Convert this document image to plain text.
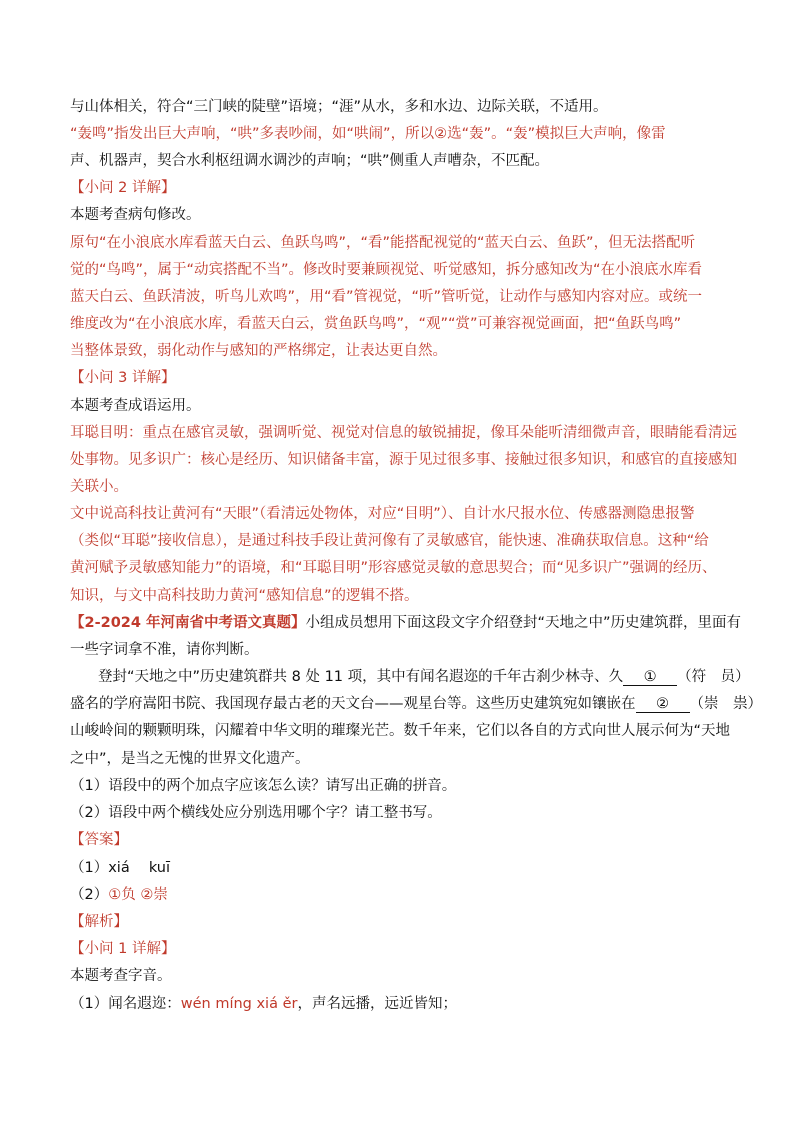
与山体相关，符合“三门峡的陡壁”语境；“涯”从水，多和水边、边际关联，不适用。
“轰鸣”指发出巨大声响，“哄”多表吵闹，如“哄闹”，所以②选“轰”。“轰”模拟巨大声响，像雷
声、机器声，契合水利枢纽调水调沙的声响；“哄”侧重人声嘈杂，不匹配。
【小问 2 详解】
本题考查病句修改。
原句“在小浪底水库看蓝天白云、鱼跃鸟鸣”，“看”能搭配视觉的“蓝天白云、鱼跃”，但无法搭配听
觉的“鸟鸣”，属于“动宾搭配不当”。修改时要兼顾视觉、听觉感知，拆分感知改为“在小浪底水库看
蓝天白云、鱼跃清波，听鸟儿欢鸣”，用“看”管视觉，“听”管听觉，让动作与感知内容对应。或统一
维度改为“在小浪底水库，看蓝天白云，赏鱼跃鸟鸣”，“观”“赏”可兼容视觉画面，把“鱼跃鸟鸣”
当整体景致，弱化动作与感知的严格绑定，让表达更自然。
【小问 3 详解】
本题考查成语运用。
耳聪目明：重点在感官灵敏，强调听觉、视觉对信息的敏锐捕捉，像耳朵能听清细微声音，眼睛能看清远
处事物。见多识广：核心是经历、知识储备丰富，源于见过很多事、接触过很多知识，和感官的直接感知
关联小。
文中说高科技让黄河有“天眼”（看清远处物体，对应“目明”）、自计水尺报水位、传感器测隐患报警
（类似“耳聪”接收信息），是通过科技手段让黄河像有了灵敏感官，能快速、准确获取信息。这种“给
黄河赋予灵敏感知能力”的语境，和“耳聪目明”形容感觉灵敏的意思契合；而“见多识广”强调的经历、
知识，与文中高科技助力黄河“感知信息”的逻辑不搭。
【2-2024 年河南省中考语文真题】小组成员想用下面这段文字介绍登封“天地之中”历史建筑群，里面有
一些字词拿不准，请你判断。
登封“天地之中”历史建筑群共 8 处 11 项，其中有闻名遐迩的千年古刹少林寺、久 ① （符　员）
盛名的学府嵩阳书院、我国现存最古老的天文台——观星台等。这些历史建筑宛如镶嵌在 ② （崇　祟）
山峻岭间的颗颗明珠，闪耀着中华文明的璀璨光芒。数千年来，它们以各自的方式向世人展示何为“天地
之中”，是当之无愧的世界文化遗产。
（1）语段中的两个加点字应该怎么读？请写出正确的拼音。
（2）语段中两个横线处应分别选用哪个字？请工整书写。
【答案】
（1）xiá　 kuī
（2）①负 ②崇
【解析】
【小问 1 详解】
本题考查字音。
（1）闻名遐迩：wén míng xiá ěr，声名远播，远近皆知；
